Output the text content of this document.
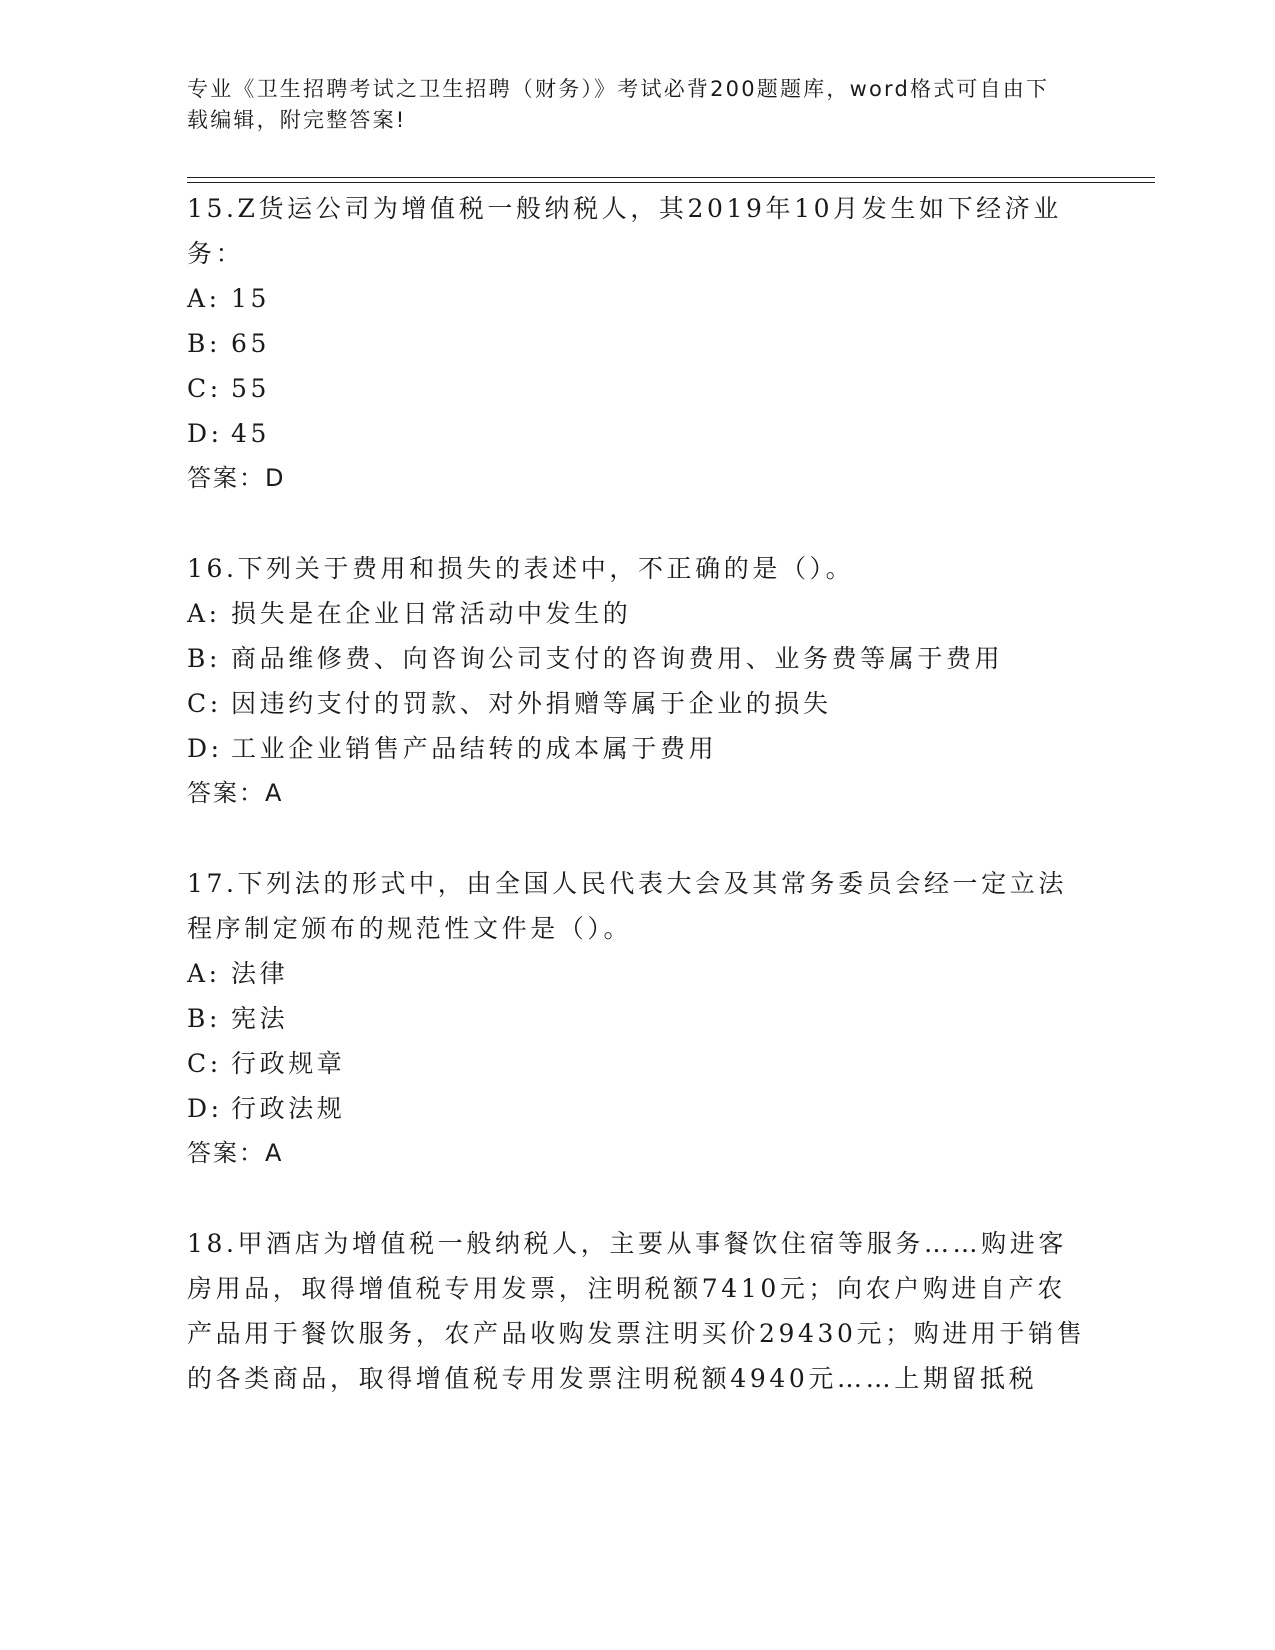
专业《卫生招聘考试之卫生招聘（财务）》考试必背200题题库，word格式可自由下载编辑，附完整答案!

15.Z货运公司为增值税一般纳税人，其2019年10月发生如下经济业务：

A: 15
B: 65
C: 55
D: 45
答案：D

16.下列关于费用和损失的表述中，不正确的是（）。

A: 损失是在企业日常活动中发生的
B: 商品维修费、向咨询公司支付的咨询费用、业务费等属于费用
C: 因违约支付的罚款、对外捐赠等属于企业的损失
D: 工业企业销售产品结转的成本属于费用
答案：A

17.下列法的形式中，由全国人民代表大会及其常务委员会经一定立法程序制定颁布的规范性文件是（）。

A: 法律
B: 宪法
C: 行政规章
D: 行政法规
答案：A

18.甲酒店为增值税一般纳税人，主要从事餐饮住宿等服务……购进客房用品，取得增值税专用发票，注明税额7410元；向农户购进自产农产品用于餐饮服务，农产品收购发票注明买价29430元；购进用于销售的各类商品，取得增值税专用发票注明税额4940元……上期留抵税
